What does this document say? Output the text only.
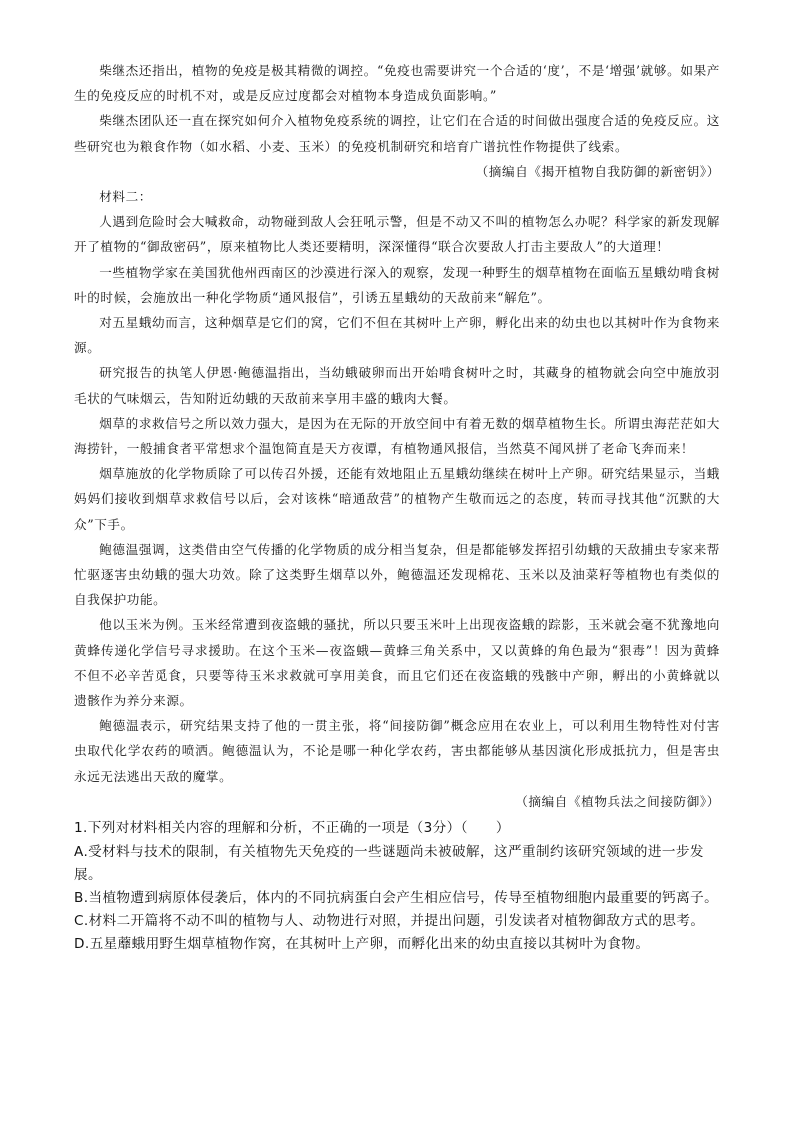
柴继杰还指出，植物的免疫是极其精微的调控。“免疫也需要讲究一个合适的‘度’，不是‘增强’就够。如果产生的免疫反应的时机不对，或是反应过度都会对植物本身造成负面影响。”

柴继杰团队还一直在探究如何介入植物免疫系统的调控，让它们在合适的时间做出强度合适的免疫反应。这些研究也为粮食作物（如水稻、小麦、玉米）的免疫机制研究和培育广谱抗性作物提供了线索。

（摘编自《揭开植物自我防御的新密钥》）

材料二：

人遇到危险时会大喊救命，动物碰到敌人会狂吼示警，但是不动又不叫的植物怎么办呢？科学家的新发现解开了植物的“御敌密码”，原来植物比人类还要精明，深深懂得“联合次要敌人打击主要敌人”的大道理！

一些植物学家在美国犹他州西南区的沙漠进行深入的观察，发现一种野生的烟草植物在面临五星蛾幼啃食树叶的时候，会施放出一种化学物质“通风报信”，引诱五星蛾幼的天敌前来“解危”。

对五星蛾幼而言，这种烟草是它们的窝，它们不但在其树叶上产卵，孵化出来的幼虫也以其树叶作为食物来源。

研究报告的执笔人伊恩·鲍德温指出，当幼蛾破卵而出开始啃食树叶之时，其藏身的植物就会向空中施放羽毛状的气味烟云，告知附近幼蛾的天敌前来享用丰盛的蛾肉大餐。

烟草的求救信号之所以效力强大，是因为在无际的开放空间中有着无数的烟草植物生长。所谓虫海茫茫如大海捞针，一般捕食者平常想求个温饱简直是天方夜谭，有植物通风报信，当然莫不闻风拼了老命飞奔而来！

烟草施放的化学物质除了可以传召外援，还能有效地阻止五星蛾幼继续在树叶上产卵。研究结果显示，当蛾妈妈们接收到烟草求救信号以后，会对该株“暗通敌营”的植物产生敬而远之的态度，转而寻找其他“沉默的大众”下手。

鲍德温强调，这类借由空气传播的化学物质的成分相当复杂，但是都能够发挥招引幼蛾的天敌捕虫专家来帮忙驱逐害虫幼蛾的强大功效。除了这类野生烟草以外，鲍德温还发现棉花、玉米以及油菜籽等植物也有类似的自我保护功能。

他以玉米为例。玉米经常遭到夜盗蛾的骚扰，所以只要玉米叶上出现夜盗蛾的踪影，玉米就会毫不犹豫地向黄蜂传递化学信号寻求援助。在这个玉米—夜盗蛾—黄蜂三角关系中，又以黄蜂的角色最为“狠毒”！因为黄蜂不但不必辛苦觅食，只要等待玉米求救就可享用美食，而且它们还在夜盗蛾的残骸中产卵，孵出的小黄蜂就以遗骸作为养分来源。

鲍德温表示，研究结果支持了他的一贯主张，将“间接防御”概念应用在农业上，可以利用生物特性对付害虫取代化学农药的喷洒。鲍德温认为，不论是哪一种化学农药，害虫都能够从基因演化形成抵抗力，但是害虫永远无法逃出天敌的魔掌。

（摘编自《植物兵法之间接防御》）

1.下列对材料相关内容的理解和分析，不正确的一项是（3分）（　　）

A.受材料与技术的限制，有关植物先天免疫的一些谜题尚未被破解，这严重制约该研究领域的进一步发展。

B.当植物遭到病原体侵袭后，体内的不同抗病蛋白会产生相应信号，传导至植物细胞内最重要的钙离子。

C.材料二开篇将不动不叫的植物与人、动物进行对照，并提出问题，引发读者对植物御敌方式的思考。

D.五星蘼蛾用野生烟草植物作窝，在其树叶上产卵，而孵化出来的幼虫直接以其树叶为食物。
